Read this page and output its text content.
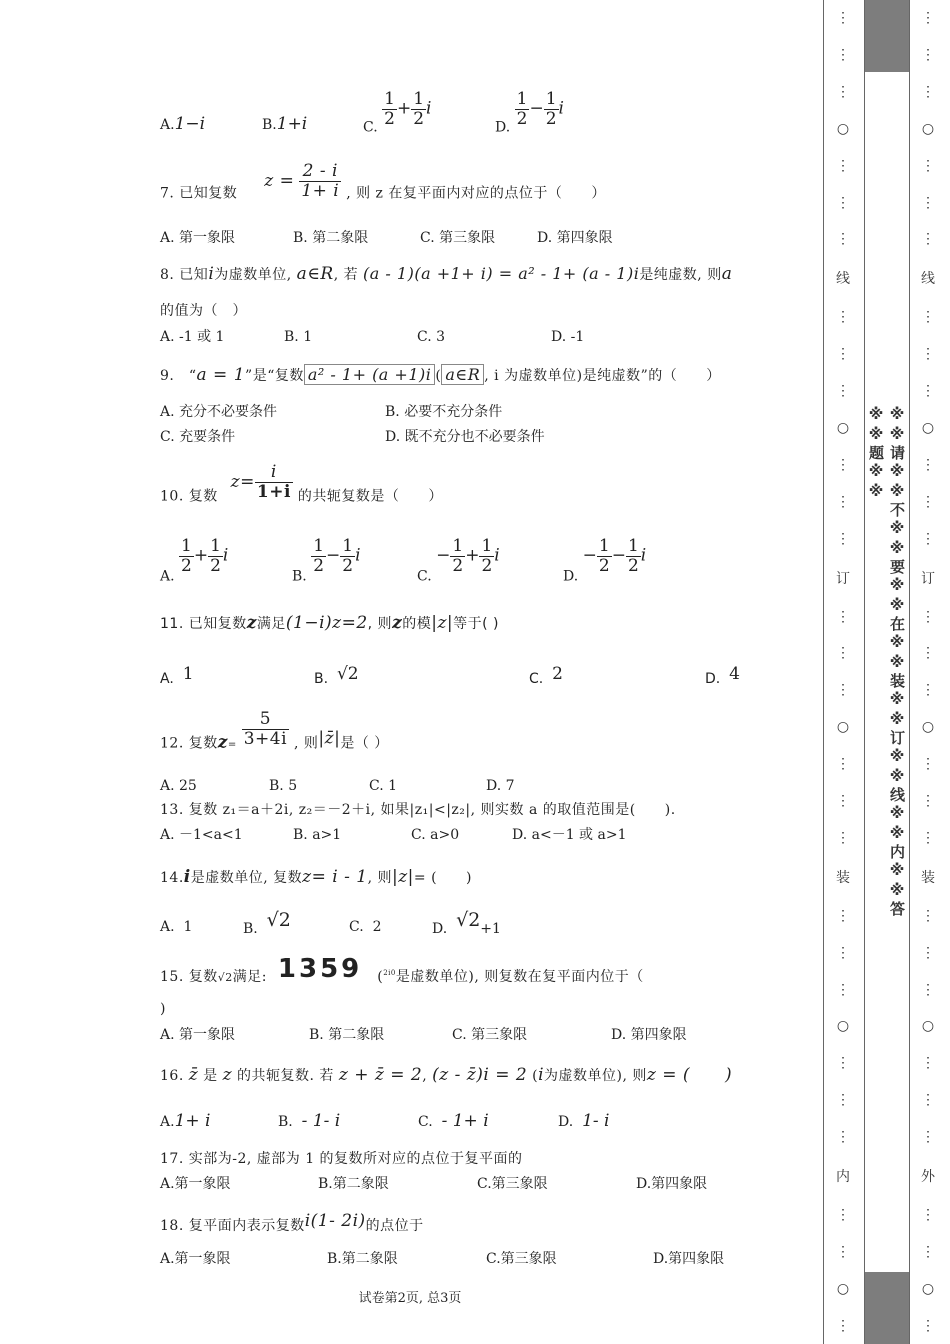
A.1−i	B.1+i	C. $\frac{1}{2} + \frac{1}{2}$ i
D. $\frac{1}{2} - \frac{1}{2}$ i
7. 已知复数 $z = \frac{2 - i}{1+ i}$ , 则 z 在复平面内对应的点位于（　　）
A. 第一象限	B. 第二象限	C. 第三象限	D. 第四象限
8. 已知i为虚数单位, a∈R, 若 (a - 1)(a +1+ i) = a² - 1+ (a - 1)i是纯虚数, 则a
的值为（　）
A. -1 或 1	B. 1	C. 3	D. -1
9.　“a = 1”是“复数 a² - 1+ (a +1)i ( a∈R , i 为虚数单位)是纯虚数”的（　　）
A. 充分不必要条件	B. 必要不充分条件
C. 充要条件	D. 既不充分也不必要条件
10. 复数 $z= \frac{i}{1+i}$ 的共轭复数是（　　）
A.
$\frac{1}{2} + \frac{1}{2}$ i
B.
$\frac{1}{2} - \frac{1}{2}$ i
C. − $\frac{1}{2} + \frac{1}{2}$ i
D. − $\frac{1}{2} - \frac{1}{2}$ i
11. 已知复数z满足(1−i)z=2, 则z的模|z|等于( )
A. 1	B. √2	C. 2	D. 4
12. 复数$z_= \frac{5}{3+4i}$ , 则|z̄|是（ ）
A. 25	B. 5	C. 1	D. 7
13. 复数 z₁＝a＋2i, z₂＝－2＋i, 如果|z₁|<|z₂|, 则实数 a 的取值范围是(　　).
A. －1<a<1	B. a>1	C. a>0	D. a<－1 或 a>1
14.i是虚数单位, 复数z= i - 1, 则|z|= (　　)
A. 1	B. √2	C. 2	D. √2+1
15. 复数√2满足: 1359 ($^{2i0}$是虚数单位), 则复数在复平面内位于（
)
A. 第一象限	B. 第二象限	C. 第三象限	D. 第四象限
16. z̄ 是 z 的共轭复数. 若 z + z̄ = 2, (z - z̄)i = 2 (i为虚数单位), 则z = (　　)
A.1+ i	B. - 1- i	C. - 1+ i	D. 1- i
17. 实部为-2, 虚部为 1 的复数所对应的点位于复平面的
A.第一象限	B.第二象限	C.第三象限	D.第四象限
18. 复平面内表示复数i(1- 2i)的点位于
A.第一象限	B.第二象限	C.第三象限	D.第四象限
试卷第2页, 总3页
⋮
⋮
⋮
○
⋮
⋮
⋮
线
⋮
⋮
⋮
○
⋮
⋮
⋮
订
⋮
⋮
⋮
○
⋮
⋮
⋮
装
⋮
⋮
⋮
○
⋮
⋮
⋮
内
⋮
⋮
○
⋮
※※请※※不※※要※※在※※装※※订※※线※※内※※答※※题※※
⋮
⋮
⋮
○
⋮
⋮
⋮
线
⋮
⋮
⋮
○
⋮
⋮
⋮
订
⋮
⋮
⋮
○
⋮
⋮
⋮
装
⋮
⋮
⋮
○
⋮
⋮
⋮
外
⋮
⋮
○
⋮
